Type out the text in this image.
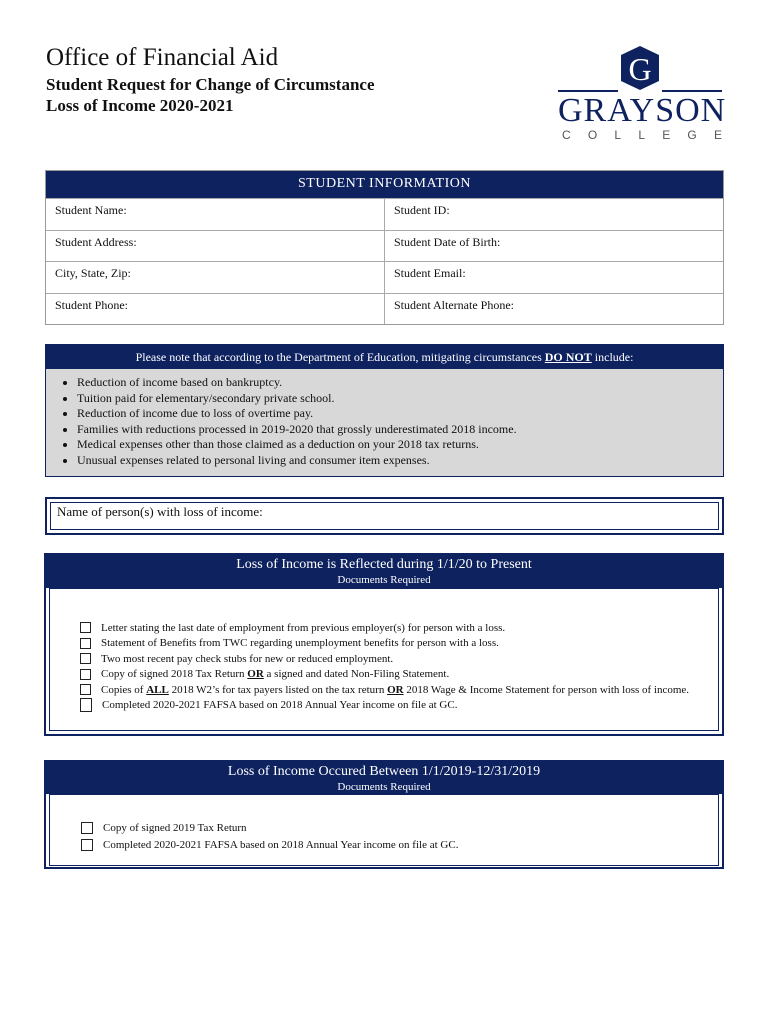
Office of Financial Aid
Student Request for Change of Circumstance
Loss of Income 2020-2021
G
GRAYSON
C O L L E G E
STUDENT INFORMATION
Student Name:	Student ID:
Student Address:	Student Date of Birth:
City, State, Zip:	Student Email:
Student Phone:	Student Alternate Phone:
Please note that according to the Department of Education, mitigating circumstances DO NOT include:
• Reduction of income based on bankruptcy.
• Tuition paid for elementary/secondary private school.
• Reduction of income due to loss of overtime pay.
• Families with reductions processed in 2019-2020 that grossly underestimated 2018 income.
• Medical expenses other than those claimed as a deduction on your 2018 tax returns.
• Unusual expenses related to personal living and consumer item expenses.
Name of person(s) with loss of income:
Loss of Income is Reflected during 1/1/20 to Present
Documents Required
Letter stating the last date of employment from previous employer(s) for person with a loss.
Statement of Benefits from TWC regarding unemployment benefits for person with a loss.
Two most recent pay check stubs for new or reduced employment.
Copy of signed 2018 Tax Return OR a signed and dated Non-Filing Statement.
Copies of ALL 2018 W2’s for tax payers listed on the tax return OR 2018 Wage & Income Statement for person with loss of income.
Completed 2020-2021 FAFSA based on 2018 Annual Year income on file at GC.
Loss of Income Occured Between 1/1/2019-12/31/2019
Documents Required
Copy of signed 2019 Tax Return
Completed 2020-2021 FAFSA based on 2018 Annual Year income on file at GC.
